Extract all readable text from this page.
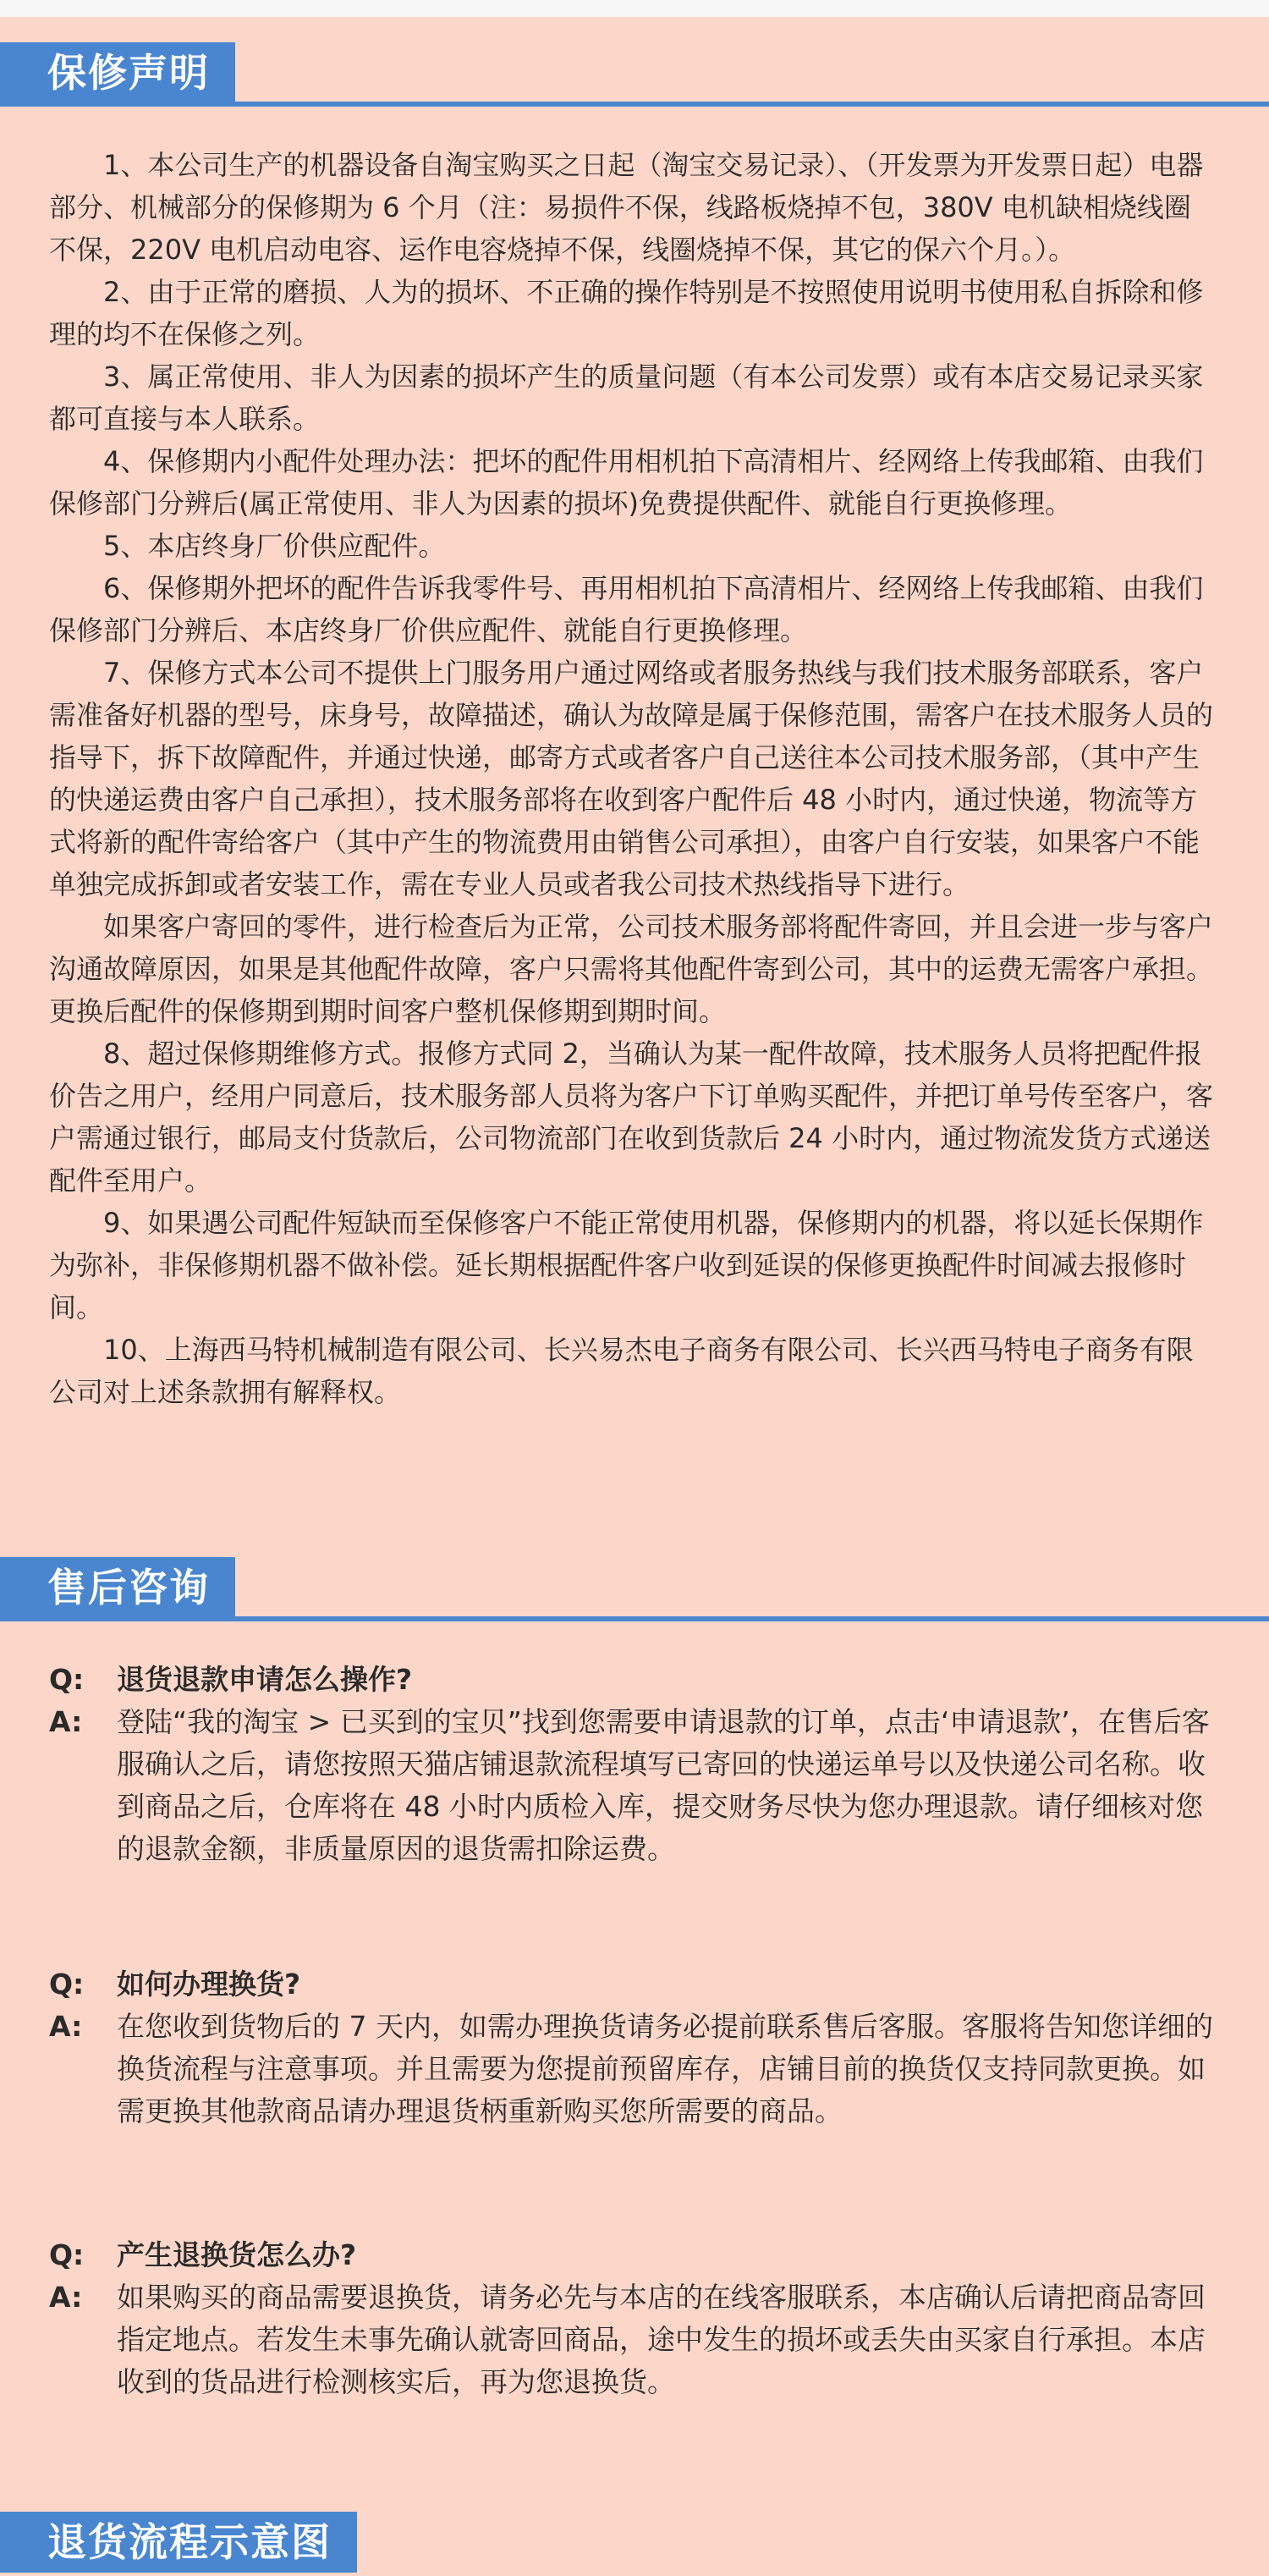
保修声明

1、本公司生产的机器设备自淘宝购买之日起（淘宝交易记录）、（开发票为开发票日起）电器部分、机械部分的保修期为 6 个月（注：易损件不保，线路板烧掉不包，380V 电机缺相烧线圈不保，220V 电机启动电容、运作电容烧掉不保，线圈烧掉不保，其它的保六个月。）。

2、由于正常的磨损、人为的损坏、不正确的操作特别是不按照使用说明书使用私自拆除和修理的均不在保修之列。

3、属正常使用、非人为因素的损坏产生的质量问题（有本公司发票）或有本店交易记录买家都可直接与本人联系。

4、保修期内小配件处理办法：把坏的配件用相机拍下高清相片、经网络上传我邮箱、由我们保修部门分辨后(属正常使用、非人为因素的损坏)免费提供配件、就能自行更换修理。

5、本店终身厂价供应配件。

6、保修期外把坏的配件告诉我零件号、再用相机拍下高清相片、经网络上传我邮箱、由我们保修部门分辨后、本店终身厂价供应配件、就能自行更换修理。

7、保修方式本公司不提供上门服务用户通过网络或者服务热线与我们技术服务部联系，客户需准备好机器的型号，床身号，故障描述，确认为故障是属于保修范围，需客户在技术服务人员的指导下，拆下故障配件，并通过快递，邮寄方式或者客户自己送往本公司技术服务部，（其中产生的快递运费由客户自己承担），技术服务部将在收到客户配件后 48 小时内，通过快递，物流等方式将新的配件寄给客户（其中产生的物流费用由销售公司承担），由客户自行安装，如果客户不能单独完成拆卸或者安装工作，需在专业人员或者我公司技术热线指导下进行。

如果客户寄回的零件，进行检查后为正常，公司技术服务部将配件寄回，并且会进一步与客户沟通故障原因，如果是其他配件故障，客户只需将其他配件寄到公司，其中的运费无需客户承担。更换后配件的保修期到期时间客户整机保修期到期时间。

8、超过保修期维修方式。报修方式同 2，当确认为某一配件故障，技术服务人员将把配件报价告之用户，经用户同意后，技术服务部人员将为客户下订单购买配件，并把订单号传至客户，客户需通过银行，邮局支付货款后，公司物流部门在收到货款后 24 小时内，通过物流发货方式递送配件至用户。

9、如果遇公司配件短缺而至保修客户不能正常使用机器，保修期内的机器，将以延长保期作为弥补，非保修期机器不做补偿。延长期根据配件客户收到延误的保修更换配件时间减去报修时间。

10、上海西马特机械制造有限公司、长兴易杰电子商务有限公司、长兴西马特电子商务有限公司对上述条款拥有解释权。

售后咨询
Q:	退货退款申请怎么操作?
A:	登陆“我的淘宝 > 已买到的宝贝”找到您需要申请退款的订单，点击‘申请退款’，在售后客服确认之后，请您按照天猫店铺退款流程填写已寄回的快递运单号以及快递公司名称。收到商品之后，仓库将在 48 小时内质检入库，提交财务尽快为您办理退款。请仔细核对您的退款金额，非质量原因的退货需扣除运费。
Q:	如何办理换货?
A:	在您收到货物后的 7 天内，如需办理换货请务必提前联系售后客服。客服将告知您详细的换货流程与注意事项。并且需要为您提前预留库存，店铺目前的换货仅支持同款更换。如需更换其他款商品请办理退货柄重新购买您所需要的商品。
Q:	产生退换货怎么办?
A:	如果购买的商品需要退换货，请务必先与本店的在线客服联系，本店确认后请把商品寄回指定地点。若发生未事先确认就寄回商品，途中发生的损坏或丢失由买家自行承担。本店收到的货品进行检测核实后，再为您退换货。
退货流程示意图
